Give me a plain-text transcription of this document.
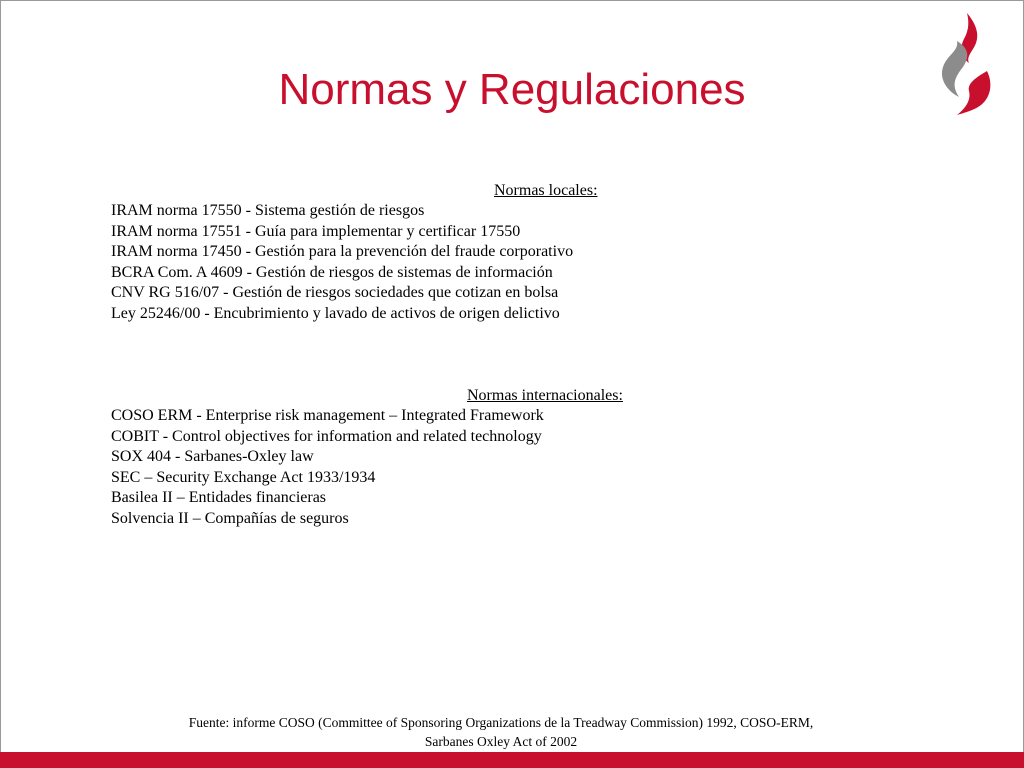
Normas y Regulaciones
Normas locales:
IRAM norma 17550 - Sistema gestión de riesgos
IRAM norma 17551 - Guía para implementar y certificar 17550
IRAM norma 17450 - Gestión para la prevención del fraude corporativo
BCRA Com. A 4609 - Gestión de riesgos de sistemas de información
CNV RG 516/07 - Gestión de riesgos sociedades que cotizan en bolsa
Ley 25246/00 - Encubrimiento y lavado de activos de origen delictivo
Normas internacionales:
COSO ERM - Enterprise risk management – Integrated Framework
COBIT - Control objectives for information and related technology
SOX 404 - Sarbanes-Oxley law
SEC – Security Exchange Act 1933/1934
Basilea II – Entidades financieras
Solvencia II – Compañías de seguros
Fuente: informe COSO (Committee of Sponsoring Organizations de la Treadway Commission) 1992, COSO-ERM,
Sarbanes Oxley Act of 2002
